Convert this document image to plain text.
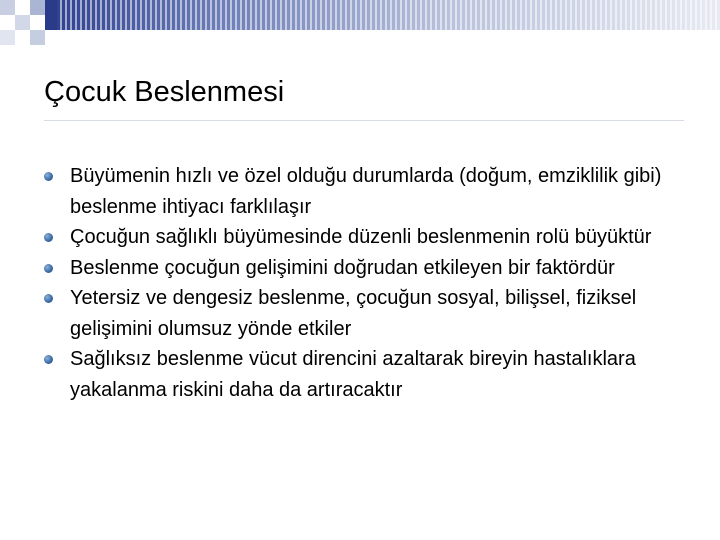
Çocuk Beslenmesi
Büyümenin hızlı ve özel olduğu durumlarda (doğum, emziklilik gibi) beslenme ihtiyacı farklılaşır
Çocuğun sağlıklı büyümesinde düzenli beslenmenin rolü büyüktür
Beslenme çocuğun gelişimini doğrudan etkileyen bir faktördür
Yetersiz ve dengesiz beslenme, çocuğun sosyal, bilişsel, fiziksel gelişimini olumsuz yönde etkiler
Sağlıksız beslenme vücut direncini azaltarak bireyin hastalıklara yakalanma riskini daha da artıracaktır
